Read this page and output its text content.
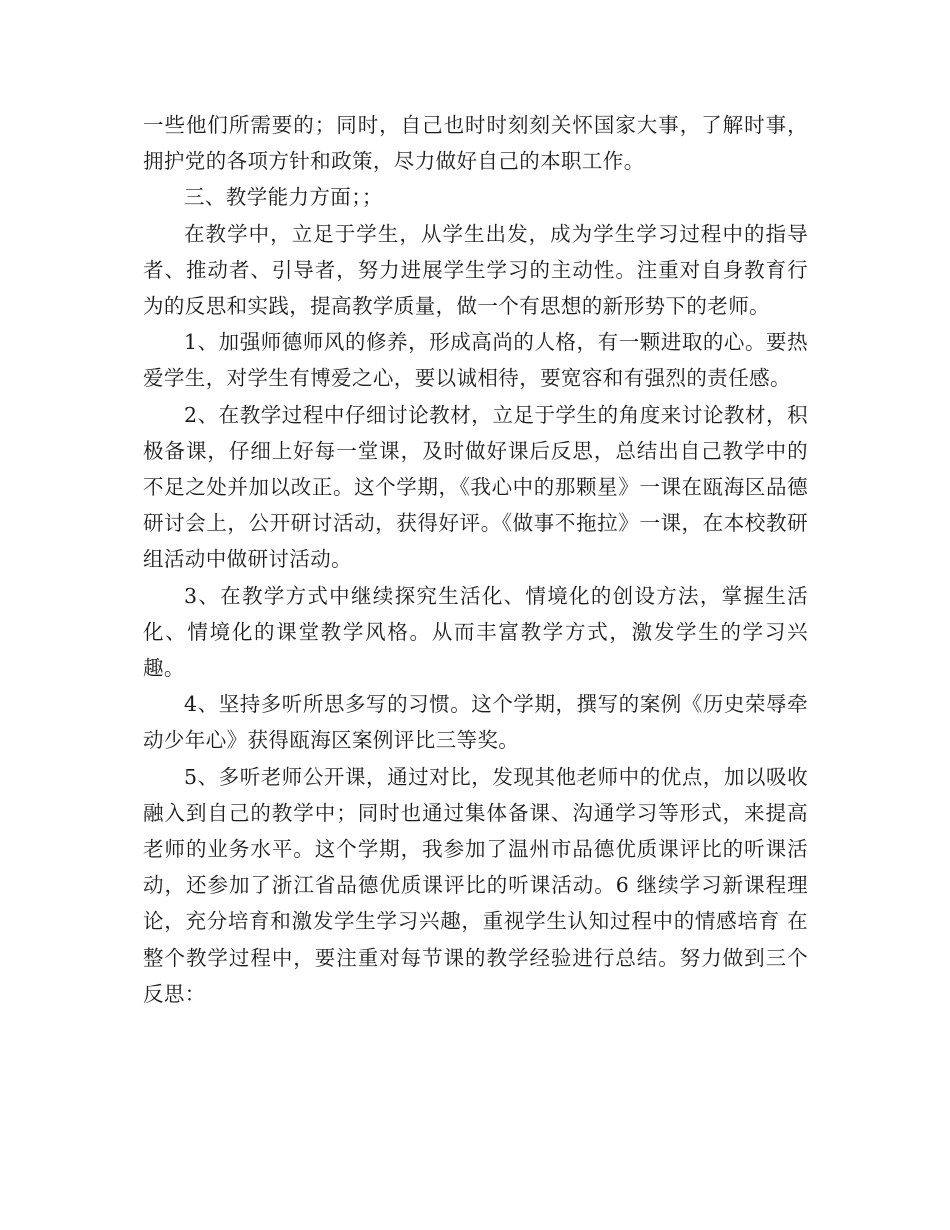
一些他们所需要的；同时，自己也时时刻刻关怀国家大事，了解时事，拥护党的各项方针和政策，尽力做好自己的本职工作。

三、教学能力方面；；

在教学中，立足于学生，从学生出发，成为学生学习过程中的指导者、推动者、引导者，努力进展学生学习的主动性。注重对自身教育行为的反思和实践，提高教学质量，做一个有思想的新形势下的老师。

1、加强师德师风的修养，形成高尚的人格，有一颗进取的心。要热爱学生，对学生有博爱之心，要以诚相待，要宽容和有强烈的责任感。

2、在教学过程中仔细讨论教材，立足于学生的角度来讨论教材，积极备课，仔细上好每一堂课，及时做好课后反思，总结出自己教学中的不足之处并加以改正。这个学期，《我心中的那颗星》一课在瓯海区品德研讨会上，公开研讨活动，获得好评。《做事不拖拉》一课，在本校教研组活动中做研讨活动。

3、在教学方式中继续探究生活化、情境化的创设方法，掌握生活化、情境化的课堂教学风格。从而丰富教学方式，激发学生的学习兴趣。

4、坚持多听所思多写的习惯。这个学期，撰写的案例《历史荣辱牵动少年心》获得瓯海区案例评比三等奖。

5、多听老师公开课，通过对比，发现其他老师中的优点，加以吸收融入到自己的教学中；同时也通过集体备课、沟通学习等形式，来提高老师的业务水平。这个学期，我参加了温州市品德优质课评比的听课活动，还参加了浙江省品德优质课评比的听课活动。6 继续学习新课程理论，充分培育和激发学生学习兴趣，重视学生认知过程中的情感培育 在整个教学过程中，要注重对每节课的教学经验进行总结。努力做到三个反思：
